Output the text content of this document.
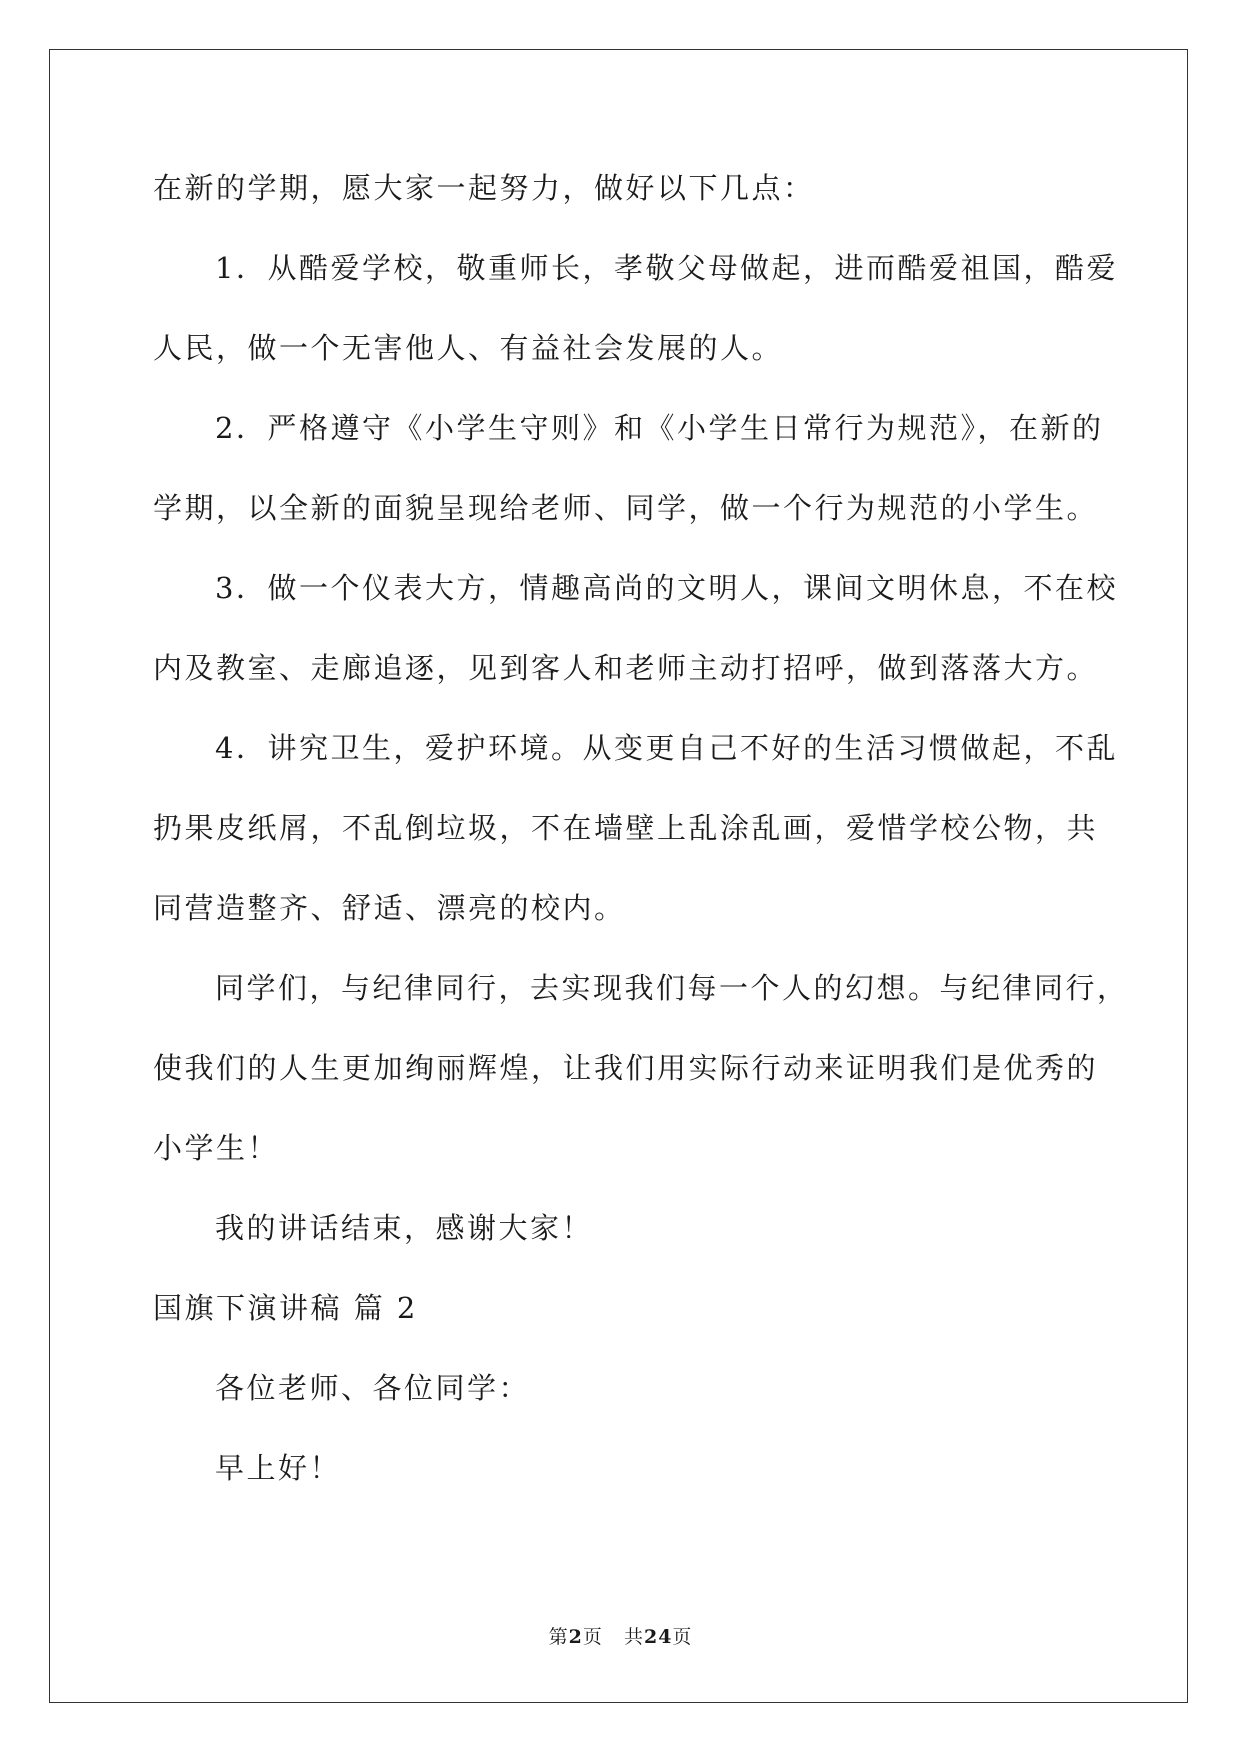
在新的学期，愿大家一起努力，做好以下几点：
1．从酷爱学校，敬重师长，孝敬父母做起，进而酷爱祖国，酷爱
人民，做一个无害他人、有益社会发展的人。
2．严格遵守《小学生守则》和《小学生日常行为规范》，在新的
学期，以全新的面貌呈现给老师、同学，做一个行为规范的小学生。
3．做一个仪表大方，情趣高尚的文明人，课间文明休息，不在校
内及教室、走廊追逐，见到客人和老师主动打招呼，做到落落大方。
4．讲究卫生，爱护环境。从变更自己不好的生活习惯做起，不乱
扔果皮纸屑，不乱倒垃圾，不在墙壁上乱涂乱画，爱惜学校公物，共
同营造整齐、舒适、漂亮的校内。
同学们，与纪律同行，去实现我们每一个人的幻想。与纪律同行，
使我们的人生更加绚丽辉煌，让我们用实际行动来证明我们是优秀的
小学生！
我的讲话结束，感谢大家！
国旗下演讲稿 篇 2
各位老师、各位同学：
早上好！
第2页 共24页
